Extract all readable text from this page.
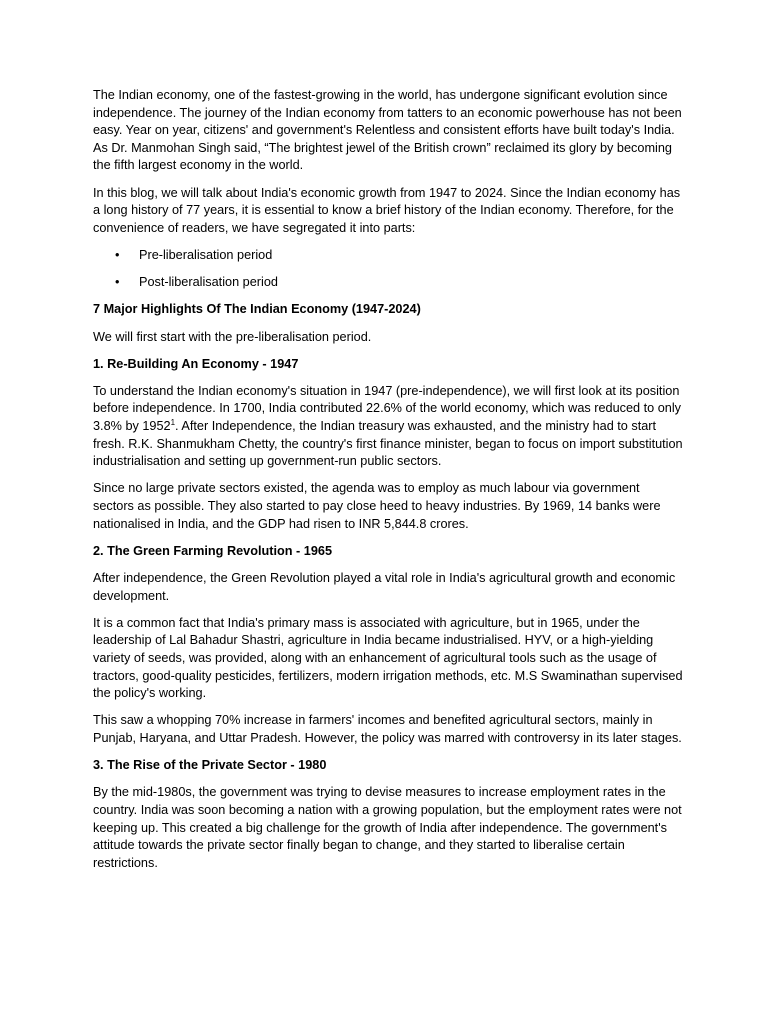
The Indian economy, one of the fastest-growing in the world, has undergone significant evolution since independence. The journey of the Indian economy from tatters to an economic powerhouse has not been easy. Year on year, citizens' and government's Relentless and consistent efforts have built today's India. As Dr. Manmohan Singh said, “The brightest jewel of the British crown” reclaimed its glory by becoming the fifth largest economy in the world.

In this blog, we will talk about India's economic growth from 1947 to 2024. Since the Indian economy has a long history of 77 years, it is essential to know a brief history of the Indian economy. Therefore, for the convenience of readers, we have segregated it into parts:

• Pre-liberalisation period
• Post-liberalisation period

7 Major Highlights Of The Indian Economy (1947-2024)

We will first start with the pre-liberalisation period.

1. Re-Building An Economy - 1947

To understand the Indian economy's situation in 1947 (pre-independence), we will first look at its position before independence. In 1700, India contributed 22.6% of the world economy, which was reduced to only 3.8% by 1952$^1$. After Independence, the Indian treasury was exhausted, and the ministry had to start fresh. R.K. Shanmukham Chetty, the country's first finance minister, began to focus on import substitution industrialisation and setting up government-run public sectors.

Since no large private sectors existed, the agenda was to employ as much labour via government sectors as possible. They also started to pay close heed to heavy industries. By 1969, 14 banks were nationalised in India, and the GDP had risen to INR 5,844.8 crores.

2. The Green Farming Revolution - 1965

After independence, the Green Revolution played a vital role in India's agricultural growth and economic development.

It is a common fact that India's primary mass is associated with agriculture, but in 1965, under the leadership of Lal Bahadur Shastri, agriculture in India became industrialised. HYV, or a high-yielding variety of seeds, was provided, along with an enhancement of agricultural tools such as the usage of tractors, good-quality pesticides, fertilizers, modern irrigation methods, etc. M.S Swaminathan supervised the policy's working.

This saw a whopping 70% increase in farmers' incomes and benefited agricultural sectors, mainly in Punjab, Haryana, and Uttar Pradesh. However, the policy was marred with controversy in its later stages.

3. The Rise of the Private Sector - 1980

By the mid-1980s, the government was trying to devise measures to increase employment rates in the country. India was soon becoming a nation with a growing population, but the employment rates were not keeping up. This created a big challenge for the growth of India after independence. The government's attitude towards the private sector finally began to change, and they started to liberalise certain restrictions.
